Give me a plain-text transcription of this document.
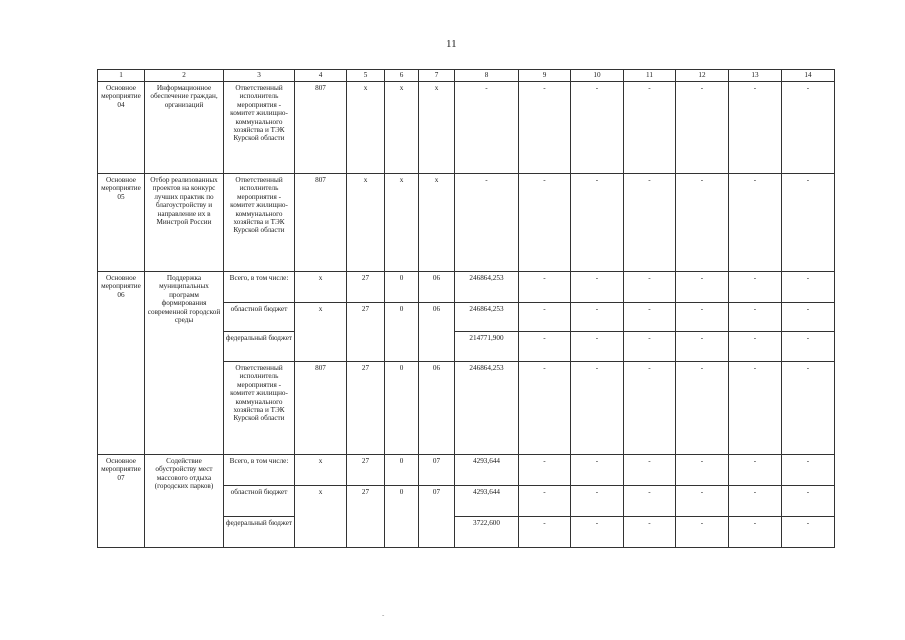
11
1	2	3	4	5	6	7	8	9	10	11	12	13	14
Основное мероприятие 04	Информационное обеспечение граждан, организаций	Ответственный исполнитель мероприятия - комитет жилищно-коммунального хозяйства и ТЭК Курской области	807	х	х	х	-	-	-	-	-	-	-
Основное мероприятие 05	Отбор реализованных проектов на конкурс лучших практик по благоустройству и направление их в Минстрой России	Ответственный исполнитель мероприятия - комитет жилищно-коммунального хозяйства и ТЭК Курской области	807	х	х	х	-	-	-	-	-	-	-
Основное мероприятие 06	Поддержка муниципальных программ формирования современной городской среды	Всего, в том числе:	х	27	0	06	246864,253	-	-	-	-	-	-
		областной бюджет	х	27	0	06	246864,253	-	-	-	-	-	-
		федеральный бюджет					214771,900	-	-	-	-	-	-
		Ответственный исполнитель мероприятия - комитет жилищно-коммунального хозяйства и ТЭК Курской области	807	27	0	06	246864,253	-	-	-	-	-	-
Основное мероприятие 07	Содействие обустройству мест массового отдыха (городских парков)	Всего, в том числе:	х	27	0	07	4293,644	-	-	-	-	-	-
		областной бюджет	х	27	0	07	4293,644	-	-	-	-	-	-
		федеральный бюджет					3722,600	-	-	-	-	-	-
-
